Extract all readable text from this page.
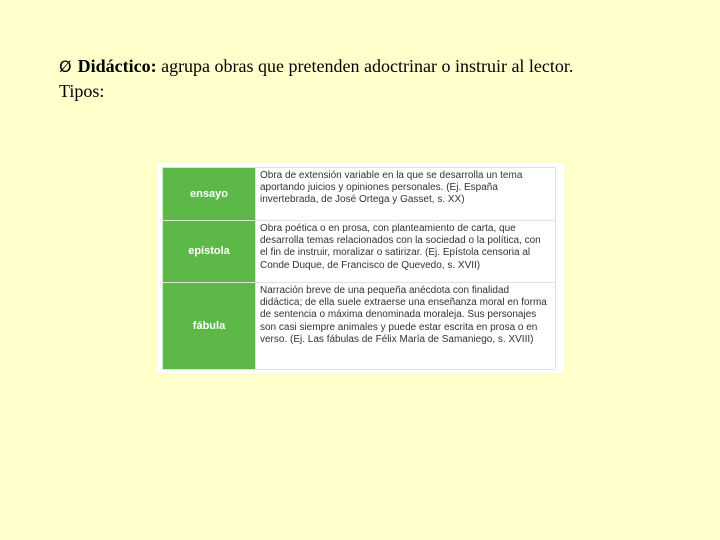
Ø Didáctico: agrupa obras que pretenden adoctrinar o instruir al lector.
Tipos:
ensayo	Obra de extensión variable en la que se desarrolla un tema aportando juicios y opiniones personales. (Ej. España invertebrada, de José Ortega y Gasset, s. XX)
epístola	Obra poética o en prosa, con planteamiento de carta, que desarrolla temas relacionados con la sociedad o la política, con el fin de instruir, moralizar o satirizar. (Ej. Epístola censoria al Conde Duque, de Francisco de Quevedo, s. XVII)
fábula	Narración breve de una pequeña anécdota con finalidad didáctica; de ella suele extraerse una enseñanza moral en forma de sentencia o máxima denominada moraleja. Sus personajes son casi siempre animales y puede estar escrita en prosa o en verso. (Ej. Las fábulas de Félix María de Samaniego, s. XVIII)
